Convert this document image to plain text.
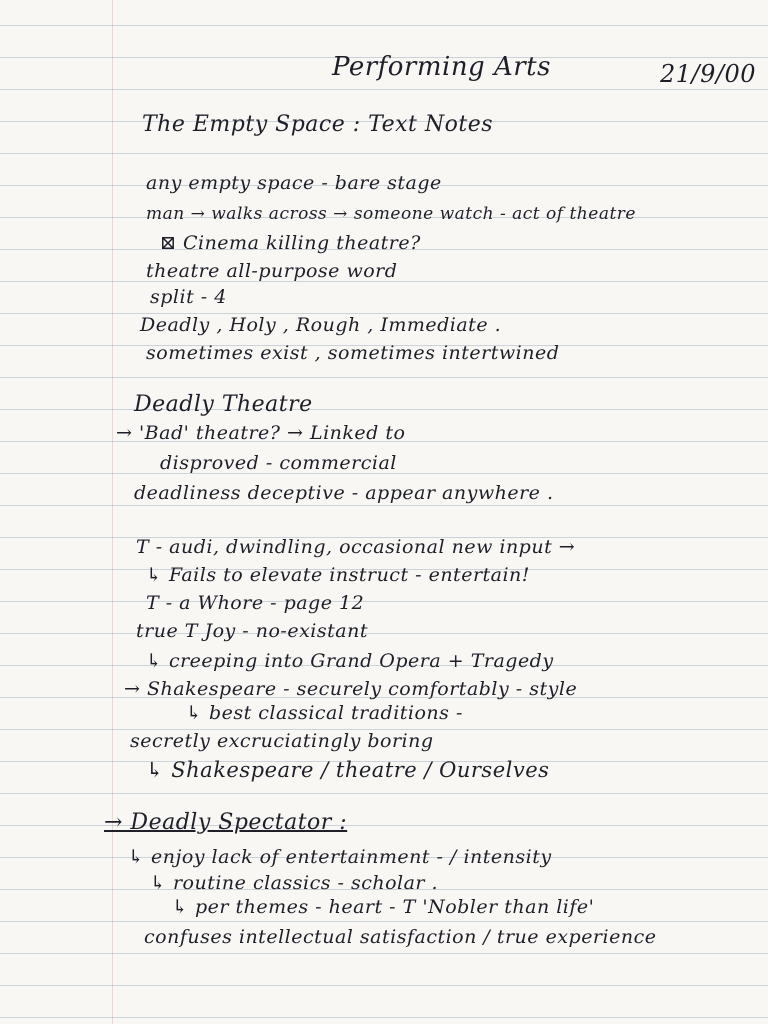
Performing Arts	21/9/00
The Empty Space : Text Notes
any empty space - bare stage
man → walks across → someone watch - act of theatre
⊠ Cinema killing theatre?
theatre all-purpose word
split - 4
Deadly , Holy , Rough , Immediate .
sometimes exist , sometimes intertwined
Deadly Theatre
→ 'Bad' theatre? → Linked to
disproved - commercial
deadliness deceptive - appear anywhere .
T - audi, dwindling, occasional new input →
↳ Fails to elevate instruct - entertain!
T - a Whore - page 12
true T Joy - no-existant
↳ creeping into Grand Opera + Tragedy
→ Shakespeare - securely comfortably - style
↳ best classical traditions -
secretly excruciatingly boring
↳ Shakespeare / theatre / Ourselves
→ Deadly Spectator :
↳ enjoy lack of entertainment - / intensity
↳ routine classics - scholar .
↳ per themes - heart - T 'Nobler than life'
confuses intellectual satisfaction / true experience
